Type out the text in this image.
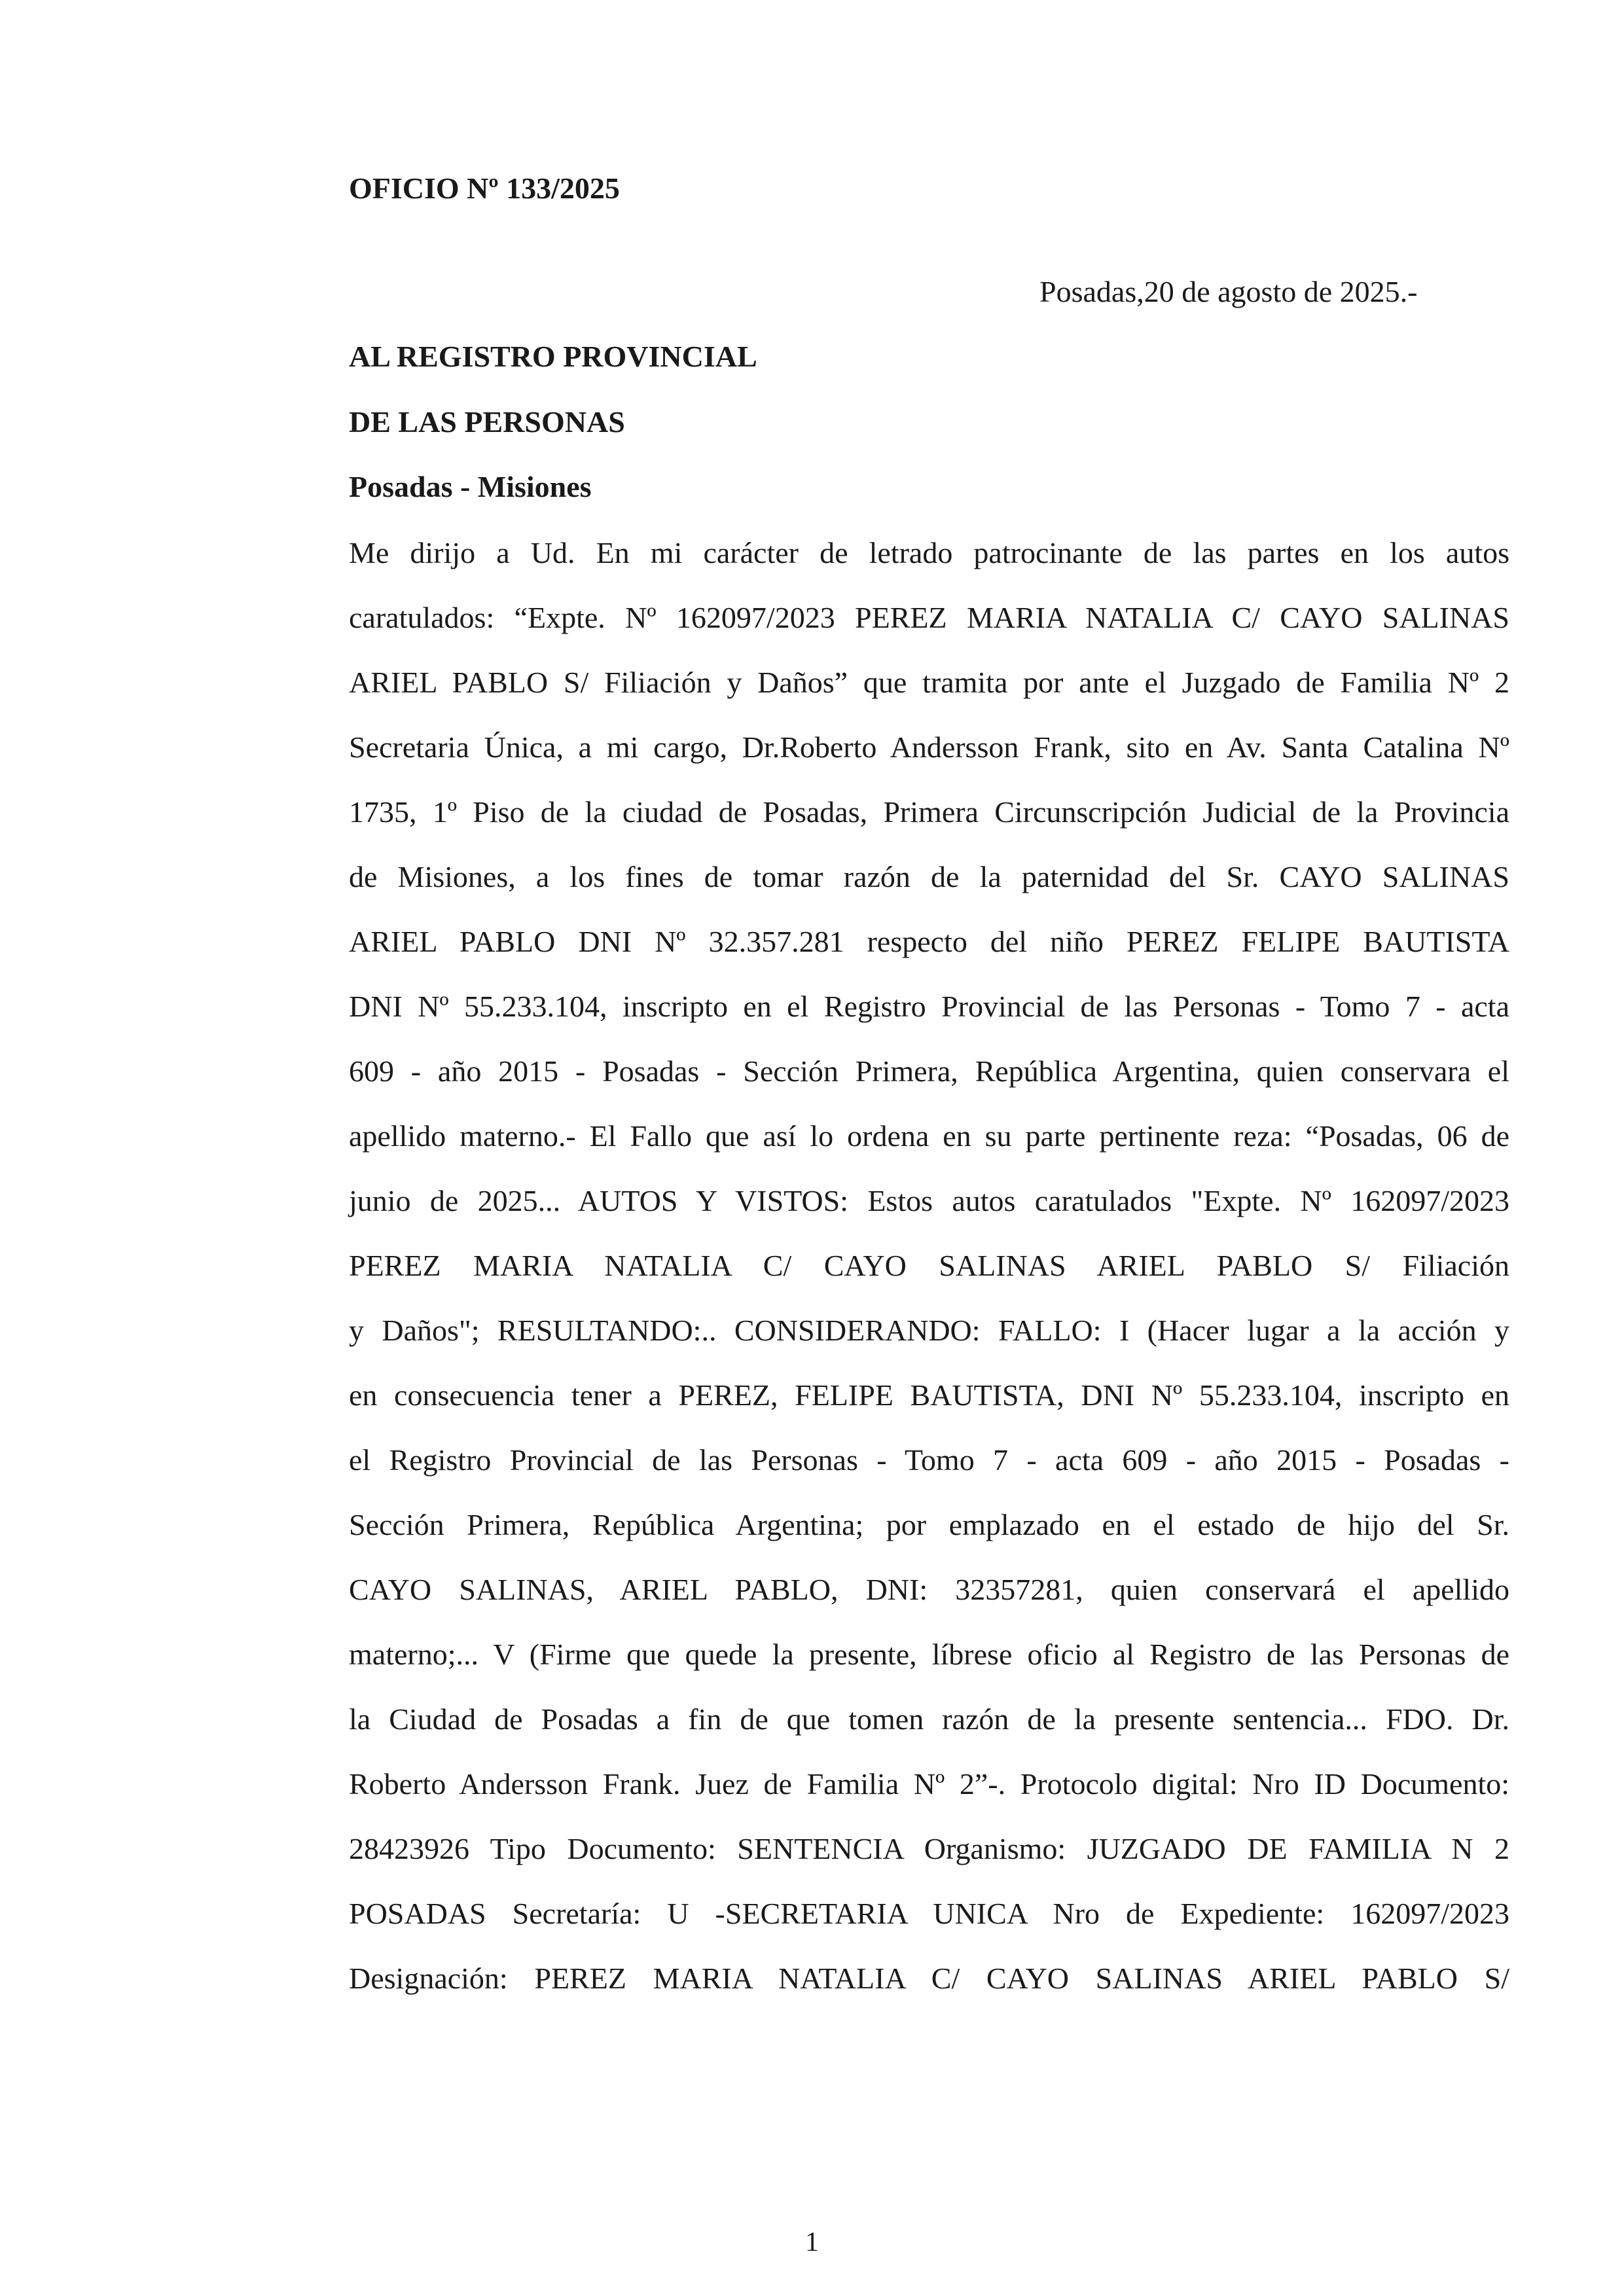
OFICIO Nº 133/2025

Posadas,20 de agosto de 2025.-

AL REGISTRO PROVINCIAL

DE LAS PERSONAS

Posadas - Misiones

Me dirijo a Ud. En mi carácter de letrado patrocinante de las partes en los autos

caratulados: “Expte. Nº 162097/2023 PEREZ MARIA NATALIA C/ CAYO SALINAS

ARIEL PABLO S/ Filiación y Daños” que tramita por ante el Juzgado de Familia Nº 2

Secretaria Única, a mi cargo, Dr.Roberto Andersson Frank, sito en Av. Santa Catalina Nº

1735, 1º Piso de la ciudad de Posadas, Primera Circunscripción Judicial de la Provincia

de Misiones, a los fines de tomar razón de la paternidad del Sr. CAYO SALINAS

ARIEL PABLO DNI Nº 32.357.281 respecto del niño PEREZ FELIPE BAUTISTA

DNI Nº 55.233.104, inscripto en el Registro Provincial de las Personas - Tomo 7 - acta

609 - año 2015 - Posadas - Sección Primera, República Argentina, quien conservara el

apellido materno.- El Fallo que así lo ordena en su parte pertinente reza: “Posadas, 06 de

junio de 2025... AUTOS Y VISTOS: Estos autos caratulados "Expte. Nº 162097/2023

PEREZ MARIA NATALIA C/ CAYO SALINAS ARIEL PABLO S/ Filiación

y Daños"; RESULTANDO:.. CONSIDERANDO: FALLO: I (Hacer lugar a la acción y

en consecuencia tener a PEREZ, FELIPE BAUTISTA, DNI Nº 55.233.104, inscripto en

el Registro Provincial de las Personas - Tomo 7 - acta 609 - año 2015 - Posadas -

Sección Primera, República Argentina; por emplazado en el estado de hijo del Sr.

CAYO SALINAS, ARIEL PABLO, DNI: 32357281, quien conservará el apellido

materno;... V (Firme que quede la presente, líbrese oficio al Registro de las Personas de

la Ciudad de Posadas a fin de que tomen razón de la presente sentencia... FDO. Dr.

Roberto Andersson Frank. Juez de Familia Nº 2”-. Protocolo digital: Nro ID Documento:

28423926 Tipo Documento: SENTENCIA Organismo: JUZGADO DE FAMILIA N 2

POSADAS Secretaría: U -SECRETARIA UNICA Nro de Expediente: 162097/2023

Designación: PEREZ MARIA NATALIA C/ CAYO SALINAS ARIEL PABLO S/

1
